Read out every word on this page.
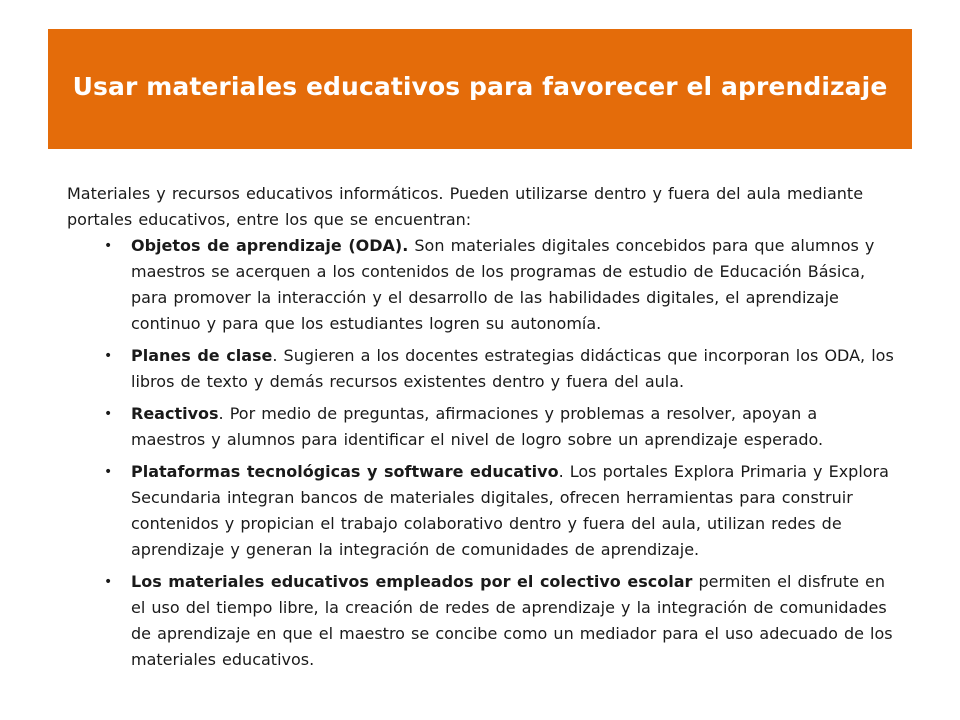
Usar materiales educativos para favorecer el aprendizaje

Materiales y recursos educativos informáticos. Pueden utilizarse dentro y fuera del aula mediante portales educativos, entre los que se encuentran:

• Objetos de aprendizaje (ODA). Son materiales digitales concebidos para que alumnos y maestros se acerquen a los contenidos de los programas de estudio de Educación Básica, para promover la interacción y el desarrollo de las habilidades digitales, el aprendizaje continuo y para que los estudiantes logren su autonomía.
• Planes de clase. Sugieren a los docentes estrategias didácticas que incorporan los ODA, los libros de texto y demás recursos existentes dentro y fuera del aula.
• Reactivos. Por medio de preguntas, afirmaciones y problemas a resolver, apoyan a maestros y alumnos para identificar el nivel de logro sobre un aprendizaje esperado.
• Plataformas tecnológicas y software educativo. Los portales Explora Primaria y Explora Secundaria integran bancos de materiales digitales, ofrecen herramientas para construir contenidos y propician el trabajo colaborativo dentro y fuera del aula, utilizan redes de aprendizaje y generan la integración de comunidades de aprendizaje.
• Los materiales educativos empleados por el colectivo escolar permiten el disfrute en el uso del tiempo libre, la creación de redes de aprendizaje y la integración de comunidades de aprendizaje en que el maestro se concibe como un mediador para el uso adecuado de los materiales educativos.
